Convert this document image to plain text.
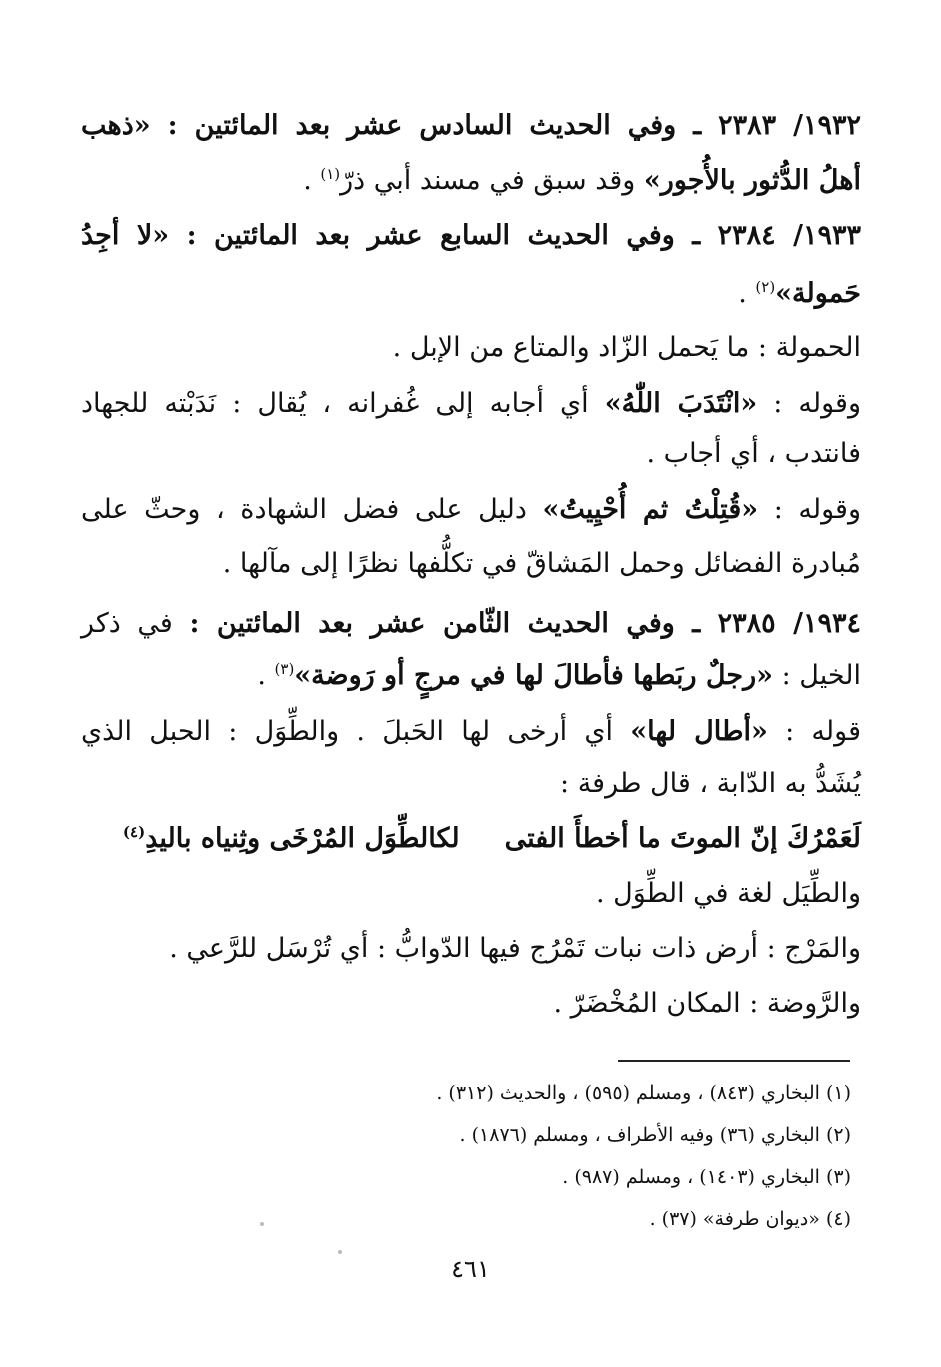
١٩٣٢/ ٢٣٨٣ ـ وفي الحديث السادس عشر بعد المائتين : «ذهب
أهلُ الدُّثور بالأُجور» وقد سبق في مسند أبي ذرّ$^{(١)}$ .
١٩٣٣/ ٢٣٨٤ ـ وفي الحديث السابع عشر بعد المائتين : «لا أجِدُ
حَمولة»$^{(٢)}$ .
الحمولة : ما يَحمل الزّاد والمتاع من الإبل .
وقوله : «انْتَدَبَ اللّٰهُ» أي أجابه إلى غُفرانه ، يُقال : نَدَبْته للجهاد
فانتدب ، أي أجاب .
وقوله : «قُتِلْتُ ثم أُحْيِيتُ» دليل على فضل الشهادة ، وحثّ على
مُبادرة الفضائل وحمل المَشاقّ في تكلُّفها نظرًا إلى مآلها .
١٩٣٤/ ٢٣٨٥ ـ وفي الحديث الثّامن عشر بعد المائتين : في ذكر
الخيل : «رجلٌ ربَطها فأطالَ لها في مرجٍ أو رَوضة»$^{(٣)}$ .
قوله : «أطال لها» أي أرخى لها الحَبلَ . والطِّوَل : الحبل الذي
يُشَدُّ به الدّابة ، قال طرفة :
لَعَمْرُكَ إنّ الموتَ ما أخطأَ الفتى
لكالطِّوَل المُرْخَى وثِنياه باليدِ$^{(٤)}$
والطِّيَل لغة في الطِّوَل .
والمَرْج : أرض ذات نبات تَمْرُج فيها الدّوابُّ : أي تُرْسَل للرَّعي .
والرَّوضة : المكان المُخْضَرّ .
(١) البخاري (٨٤٣) ، ومسلم (٥٩٥) ، والحديث (٣١٢) .
(٢) البخاري (٣٦) وفيه الأطراف ، ومسلم (١٨٧٦) .
(٣) البخاري (١٤٠٣) ، ومسلم (٩٨٧) .
(٤) «ديوان طرفة» (٣٧) .
٤٦١
